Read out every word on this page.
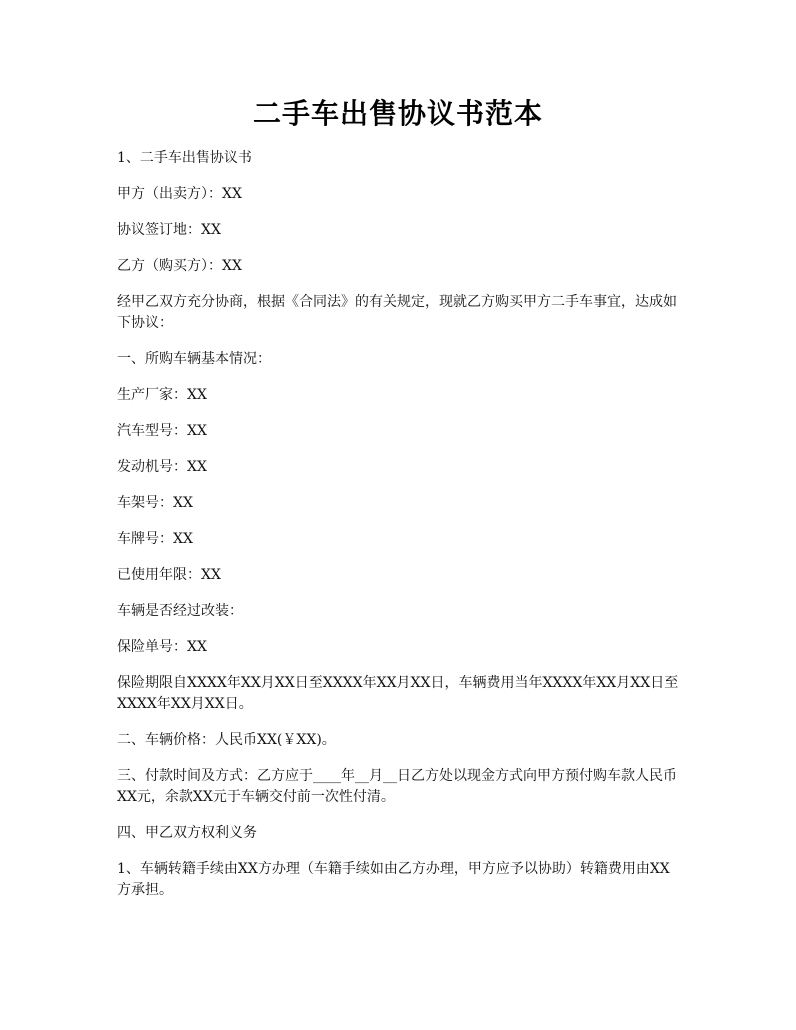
二手车出售协议书范本

1、二手车出售协议书

甲方（出卖方）：XX

协议签订地：XX

乙方（购买方）：XX

经甲乙双方充分协商，根据《合同法》的有关规定，现就乙方购买甲方二手车事宜，达成如下协议：

一、所购车辆基本情况：

生产厂家：XX

汽车型号：XX

发动机号：XX

车架号：XX

车牌号：XX

已使用年限：XX

车辆是否经过改装：

保险单号：XX

保险期限自XXXX年XX月XX日至XXXX年XX月XX日，车辆费用当年XXXX年XX月XX日至XXXX年XX月XX日。

二、车辆价格：人民币XX(￥XX)。

三、付款时间及方式：乙方应于____年__月__日乙方处以现金方式向甲方预付购车款人民币XX元，余款XX元于车辆交付前一次性付清。

四、甲乙双方权利义务

1、车辆转籍手续由XX方办理（车籍手续如由乙方办理，甲方应予以协助）转籍费用由XX方承担。
